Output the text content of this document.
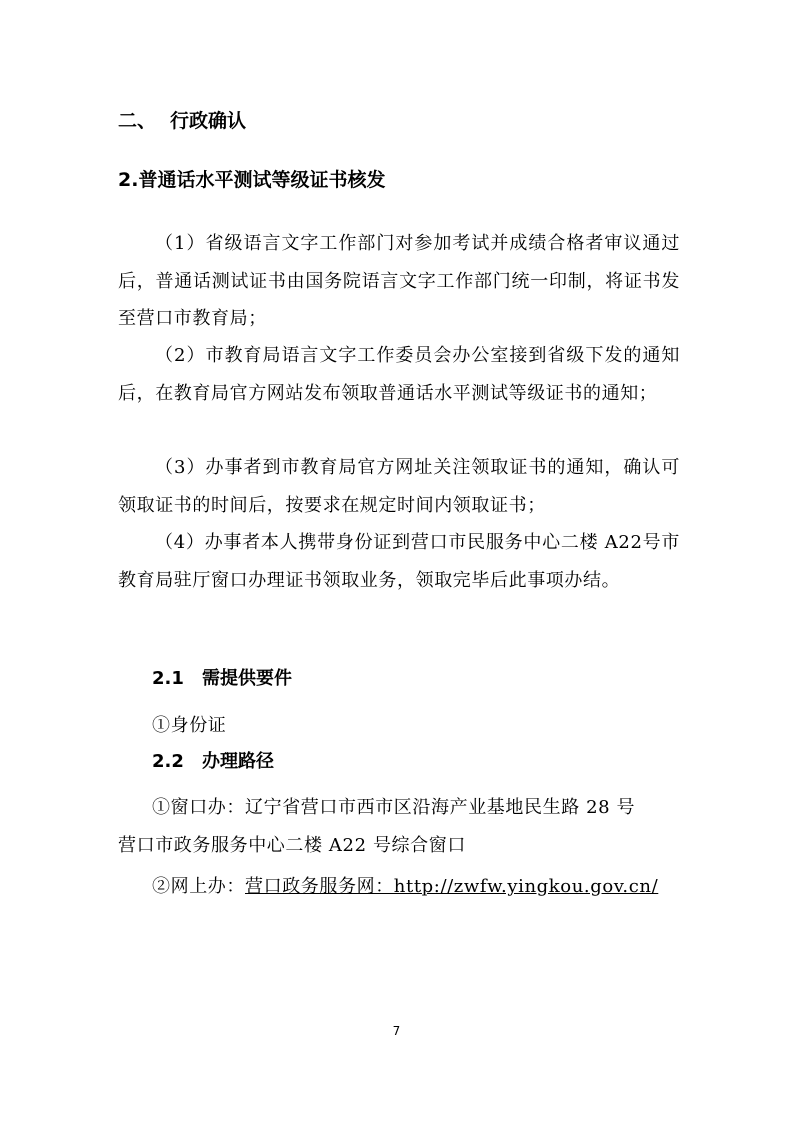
二、 行政确认
2.普通话水平测试等级证书核发

（1）省级语言文字工作部门对参加考试并成绩合格者审议通过后，普通话测试证书由国务院语言文字工作部门统一印制，将证书发至营口市教育局；

（2）市教育局语言文字工作委员会办公室接到省级下发的通知后，在教育局官方网站发布领取普通话水平测试等级证书的通知；

（3）办事者到市教育局官方网址关注领取证书的通知，确认可领取证书的时间后，按要求在规定时间内领取证书；

（4）办事者本人携带身份证到营口市民服务中心二楼 A22号市教育局驻厅窗口办理证书领取业务，领取完毕后此事项办结。

2.1 需提供要件
①身份证
2.2 办理路径
①窗口办：辽宁省营口市西市区沿海产业基地民生路 28 号
营口市政务服务中心二楼 A22 号综合窗口
②网上办：营口政务服务网：http://zwfw.yingkou.gov.cn/
7
